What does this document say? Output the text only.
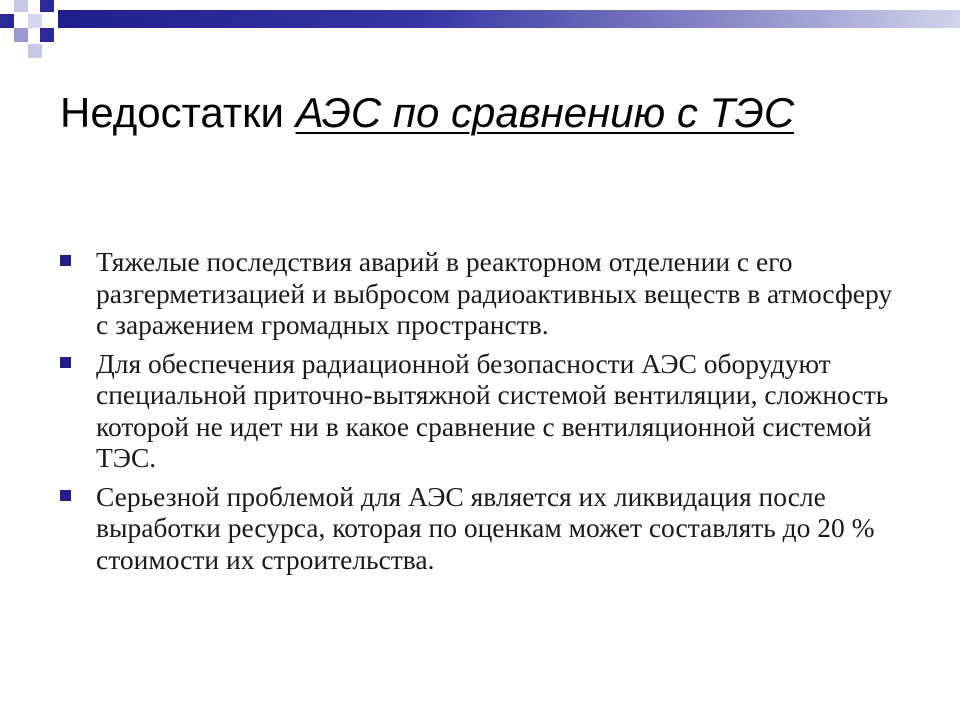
Недостатки АЭС по сравнению с ТЭС
Тяжелые последствия аварий в реакторном отделении с его разгерметизацией и выбросом радиоактивных веществ в атмосферу с заражением громадных пространств.
Для обеспечения радиационной безопасности АЭС оборудуют специальной приточно-вытяжной системой вентиляции, сложность которой не идет ни в какое сравнение с вентиляционной системой ТЭС.
Серьезной проблемой для АЭС является их ликвидация после выработки ресурса, которая по оценкам может составлять до 20 % стоимости их строительства.
